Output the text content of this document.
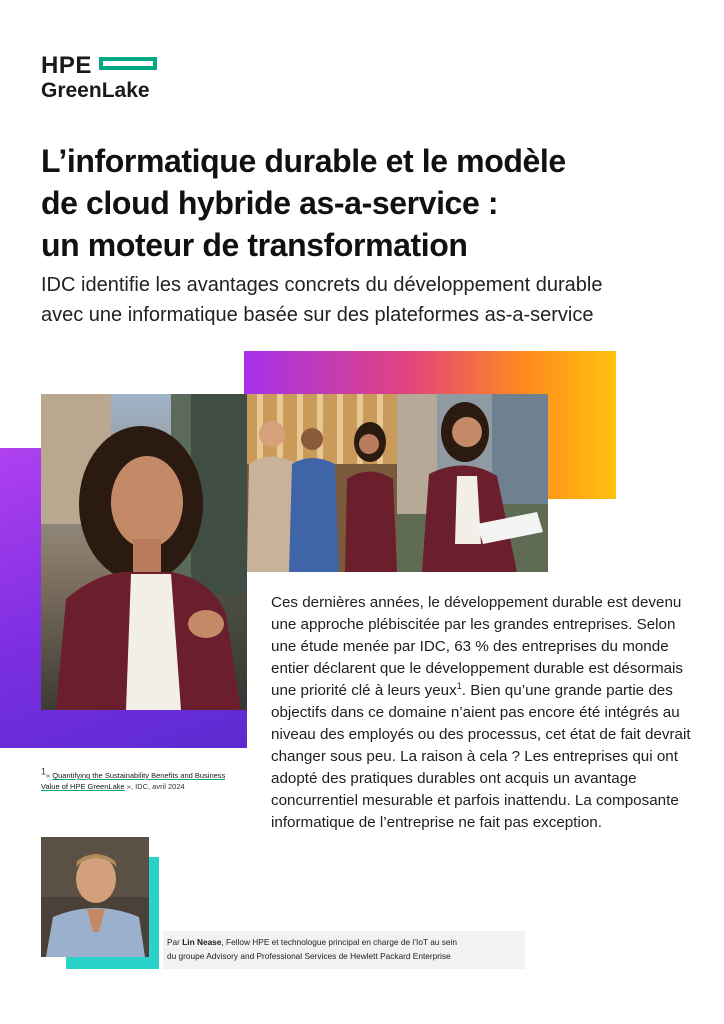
HPE
GreenLake
L’informatique durable et le modèle
de cloud hybride as-a-service :
un moteur de transformation
IDC identifie les avantages concrets du développement durable
avec une informatique basée sur des plateformes as-a-service

Ces dernières années, le développement durable est devenu une approche plébiscitée par les grandes entreprises. Selon une étude menée par IDC, 63 % des entreprises du monde entier déclarent que le développement durable est désormais une priorité clé à leurs yeux$^1$. Bien qu’une grande partie des objectifs dans ce domaine n’aient pas encore été intégrés au niveau des employés ou des processus, cet état de fait devrait changer sous peu. La raison à cela ? Les entreprises qui ont adopté des pratiques durables ont acquis un avantage concurrentiel mesurable et parfois inattendu. La composante informatique de l’entreprise ne fait pas exception.

$^1$« Quantifying the Sustainability Benefits and Business Value of HPE GreenLake », IDC, avril 2024
Par Lin Nease, Fellow HPE et technologue principal en charge de l’IoT au sein
du groupe Advisory and Professional Services de Hewlett Packard Enterprise
